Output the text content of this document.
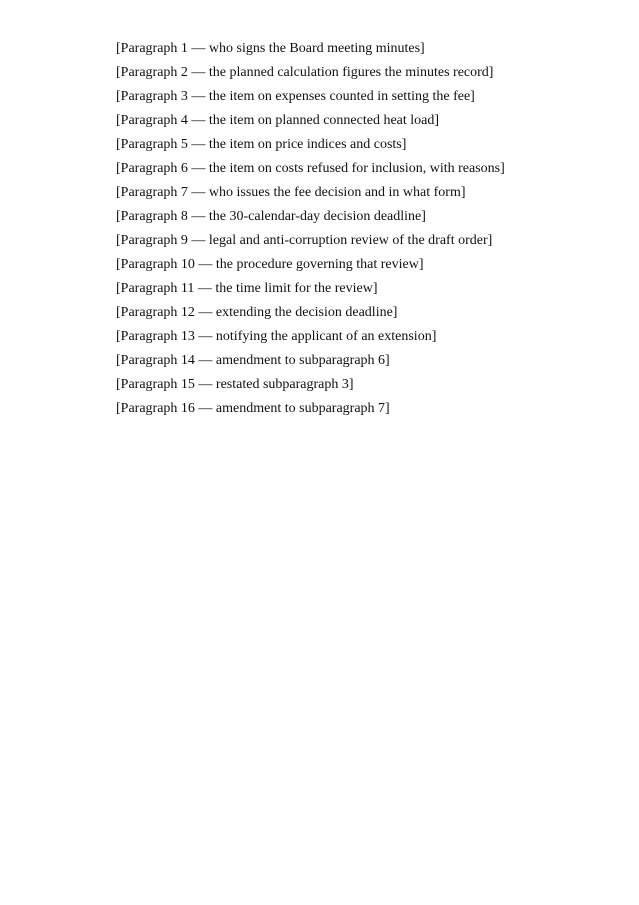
[Paragraph 1 — who signs the Board meeting minutes]

[Paragraph 2 — the planned calculation figures the minutes record]

[Paragraph 3 — the item on expenses counted in setting the fee]

[Paragraph 4 — the item on planned connected heat load]

[Paragraph 5 — the item on price indices and costs]

[Paragraph 6 — the item on costs refused for inclusion, with reasons]

[Paragraph 7 — who issues the fee decision and in what form]

[Paragraph 8 — the 30-calendar-day decision deadline]

[Paragraph 9 — legal and anti-corruption review of the draft order]

[Paragraph 10 — the procedure governing that review]

[Paragraph 11 — the time limit for the review]

[Paragraph 12 — extending the decision deadline]

[Paragraph 13 — notifying the applicant of an extension]

[Paragraph 14 — amendment to subparagraph 6]

[Paragraph 15 — restated subparagraph 3]

[Paragraph 16 — amendment to subparagraph 7]
